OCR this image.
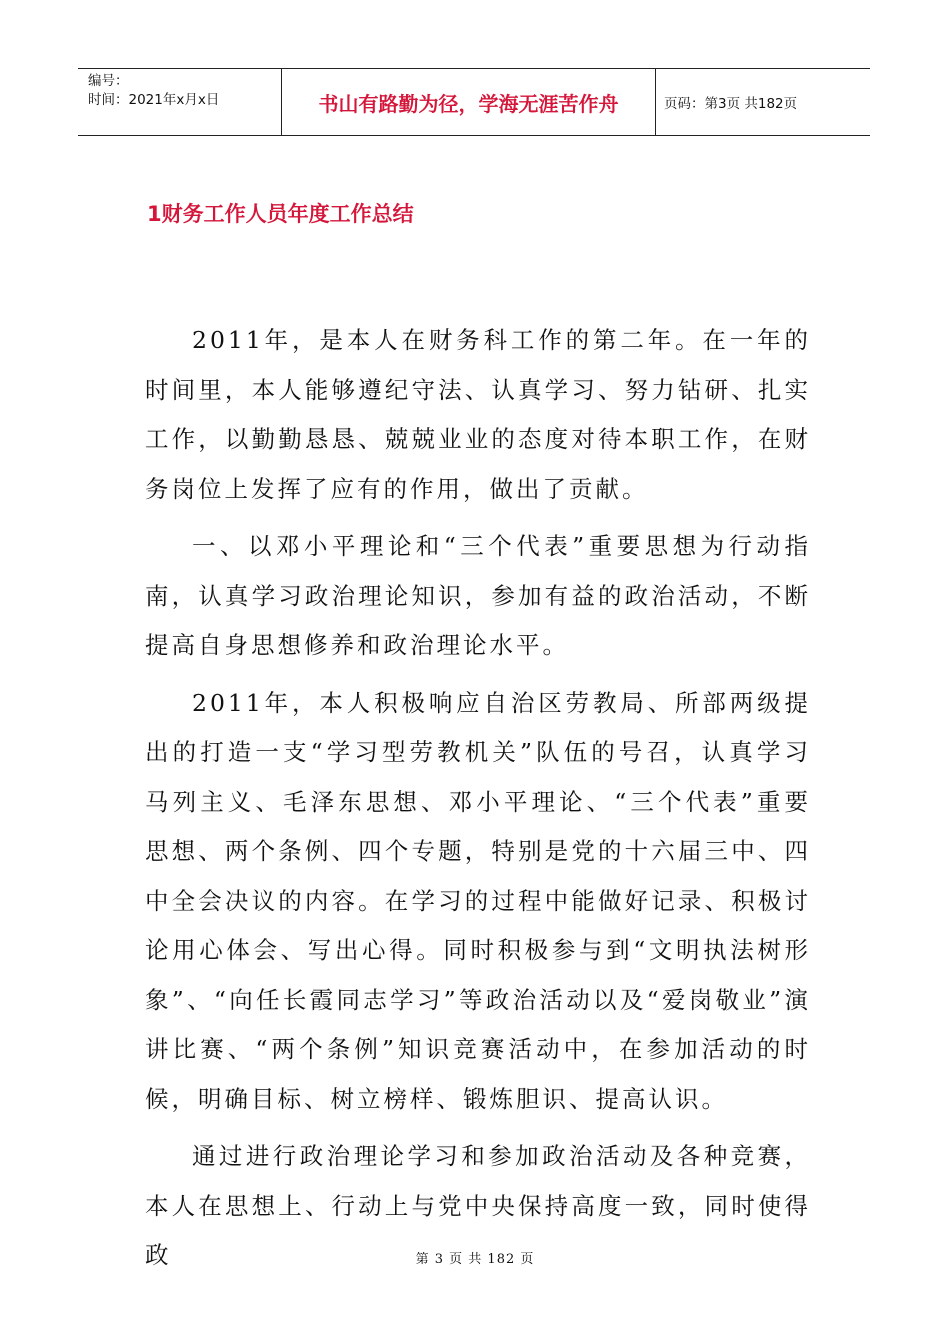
编号：
时间：2021年x月x日	书山有路勤为径，学海无涯苦作舟	页码：第3页 共182页
1财务工作人员年度工作总结

2011年，是本人在财务科工作的第二年。在一年的时间里，本人能够遵纪守法、认真学习、努力钻研、扎实工作，以勤勤恳恳、兢兢业业的态度对待本职工作，在财务岗位上发挥了应有的作用，做出了贡献。

一、以邓小平理论和“三个代表”重要思想为行动指南，认真学习政治理论知识，参加有益的政治活动，不断提高自身思想修养和政治理论水平。

2011年，本人积极响应自治区劳教局、所部两级提出的打造一支“学习型劳教机关”队伍的号召，认真学习马列主义、毛泽东思想、邓小平理论、“三个代表”重要思想、两个条例、四个专题，特别是党的十六届三中、四中全会决议的内容。在学习的过程中能做好记录、积极讨论用心体会、写出心得。同时积极参与到“文明执法树形象”、“向任长霞同志学习”等政治活动以及“爱岗敬业”演讲比赛、“两个条例”知识竞赛活动中，在参加活动的时候，明确目标、树立榜样、锻炼胆识、提高认识。

通过进行政治理论学习和参加政治活动及各种竞赛，本人在思想上、行动上与党中央保持高度一致，同时使得政	第 3 页 共 182 页
